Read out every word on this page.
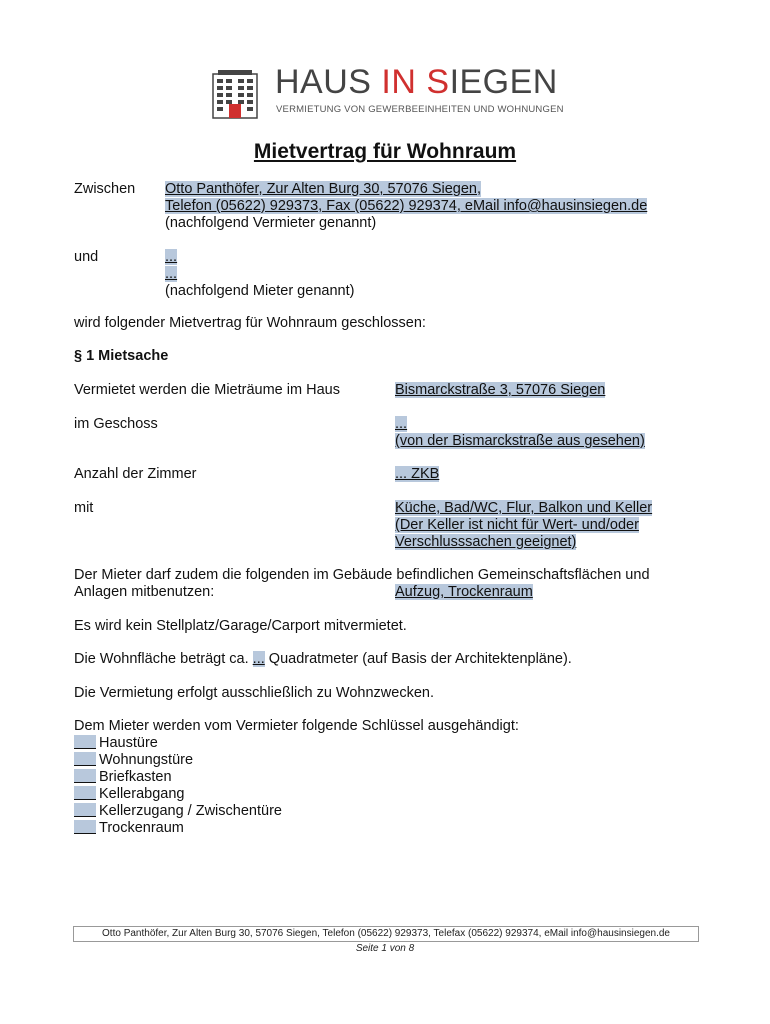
HAUS IN SIEGEN
VERMIETUNG VON GEWERBEEINHEITEN UND WOHNUNGEN
Mietvertrag für Wohnraum
Zwischen Otto Panthöfer, Zur Alten Burg 30, 57076 Siegen,
Telefon (05622) 929373, Fax (05622) 929374, eMail info@hausinsiegen.de
(nachfolgend Vermieter genannt)
und	...
...
(nachfolgend Mieter genannt)
wird folgender Mietvertrag für Wohnraum geschlossen:
§ 1 Mietsache
Vermietet werden die Mieträume im Haus	Bismarckstraße 3, 57076 Siegen
im Geschoss	...
(von der Bismarckstraße aus gesehen)
Anzahl der Zimmer	... ZKB
mit	Küche, Bad/WC, Flur, Balkon und Keller
(Der Keller ist nicht für Wert- und/oder
Verschlusssachen geeignet)
Der Mieter darf zudem die folgenden im Gebäude befindlichen Gemeinschaftsflächen und
Anlagen mitbenutzen:	Aufzug, Trockenraum
Es wird kein Stellplatz/Garage/Carport mitvermietet.
Die Wohnfläche beträgt ca. ... Quadratmeter (auf Basis der Architektenpläne).
Die Vermietung erfolgt ausschließlich zu Wohnzwecken.
Dem Mieter werden vom Vermieter folgende Schlüssel ausgehändigt:
Haustüre
Wohnungstüre
Briefkasten
Kellerabgang
Kellerzugang / Zwischentüre
Trockenraum
Otto Panthöfer, Zur Alten Burg 30, 57076 Siegen, Telefon (05622) 929373, Telefax (05622) 929374, eMail info@hausinsiegen.de
Seite 1 von 8
